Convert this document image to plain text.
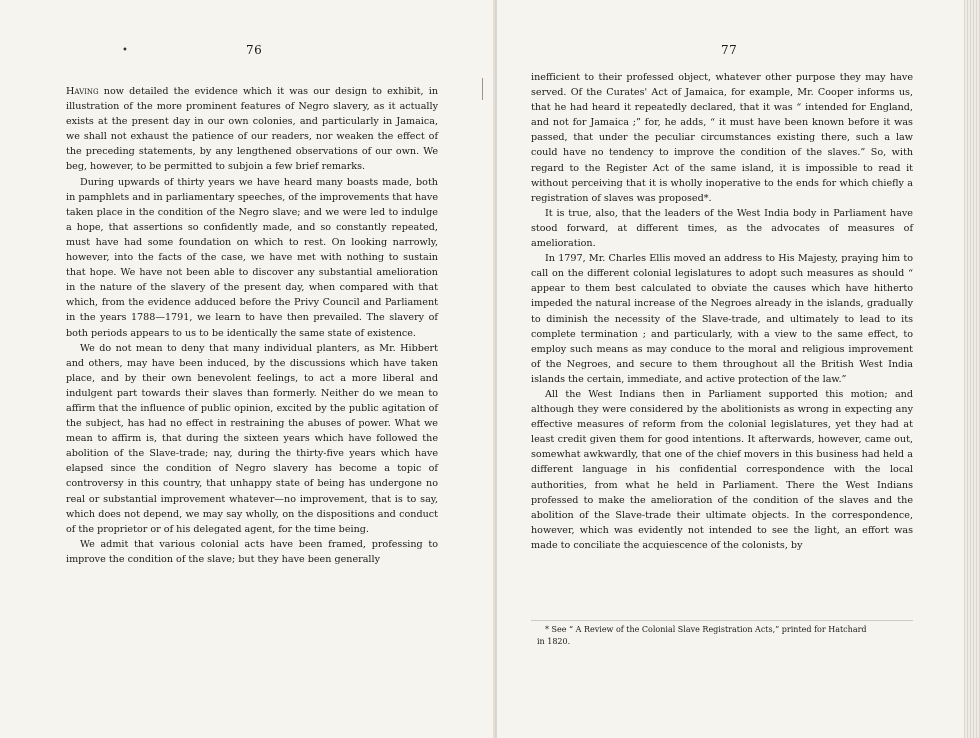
•	76

Having now detailed the evidence which it was our design to exhibit, in illustration of the more prominent features of Negro slavery, as it actually exists at the present day in our own colonies, and particularly in Jamaica, we shall not exhaust the patience of our readers, nor weaken the effect of the preceding statements, by any lengthened observations of our own. We beg, however, to be permitted to subjoin a few brief remarks.

During upwards of thirty years we have heard many boasts made, both in pamphlets and in parliamentary speeches, of the improvements that have taken place in the condition of the Negro slave; and we were led to indulge a hope, that assertions so confidently made, and so constantly repeated, must have had some foundation on which to rest. On looking narrowly, however, into the facts of the case, we have met with nothing to sustain that hope. We have not been able to discover any substantial amelioration in the nature of the slavery of the present day, when compared with that which, from the evidence adduced before the Privy Council and Parliament in the years 1788—1791, we learn to have then prevailed. The slavery of both periods appears to us to be identically the same state of existence.

We do not mean to deny that many individual planters, as Mr. Hibbert and others, may have been induced, by the discussions which have taken place, and by their own benevolent feelings, to act a more liberal and indulgent part towards their slaves than formerly. Neither do we mean to affirm that the influence of public opinion, excited by the public agitation of the subject, has had no effect in restraining the abuses of power. What we mean to affirm is, that during the sixteen years which have followed the abolition of the Slave-trade; nay, during the thirty-five years which have elapsed since the condition of Negro slavery has become a topic of controversy in this country, that unhappy state of being has undergone no real or substantial improvement whatever—no improvement, that is to say, which does not depend, we may say wholly, on the dispositions and conduct of the proprietor or of his delegated agent, for the time being.

We admit that various colonial acts have been framed, professing to improve the condition of the slave; but they have been generally

77

inefficient to their professed object, whatever other purpose they may have served. Of the Curates' Act of Jamaica, for example, Mr. Cooper informs us, that he had heard it repeatedly declared, that it was “ intended for England, and not for Jamaica ;” for, he adds, “ it must have been known before it was passed, that under the peculiar circumstances existing there, such a law could have no tendency to improve the condition of the slaves.” So, with regard to the Register Act of the same island, it is impossible to read it without perceiving that it is wholly inoperative to the ends for which chiefly a registration of slaves was proposed*.

It is true, also, that the leaders of the West India body in Parliament have stood forward, at different times, as the advocates of measures of amelioration.

In 1797, Mr. Charles Ellis moved an address to His Majesty, praying him to call on the different colonial legislatures to adopt such measures as should “ appear to them best calculated to obviate the causes which have hitherto impeded the natural increase of the Negroes already in the islands, gradually to diminish the necessity of the Slave-trade, and ultimately to lead to its complete termination ; and particularly, with a view to the same effect, to employ such means as may conduce to the moral and religious improvement of the Negroes, and secure to them throughout all the British West India islands the certain, immediate, and active protection of the law.”

All the West Indians then in Parliament supported this motion; and although they were considered by the abolitionists as wrong in expecting any effective measures of reform from the colonial legislatures, yet they had at least credit given them for good intentions. It afterwards, however, came out, somewhat awkwardly, that one of the chief movers in this business had held a different language in his confidential correspondence with the local authorities, from what he held in Parliament. There the West Indians professed to make the amelioration of the condition of the slaves and the abolition of the Slave-trade their ultimate objects. In the correspondence, however, which was evidently not intended to see the light, an effort was made to conciliate the acquiescence of the colonists, by

* See “ A Review of the Colonial Slave Registration Acts,” printed for Hatchard
in 1820.
